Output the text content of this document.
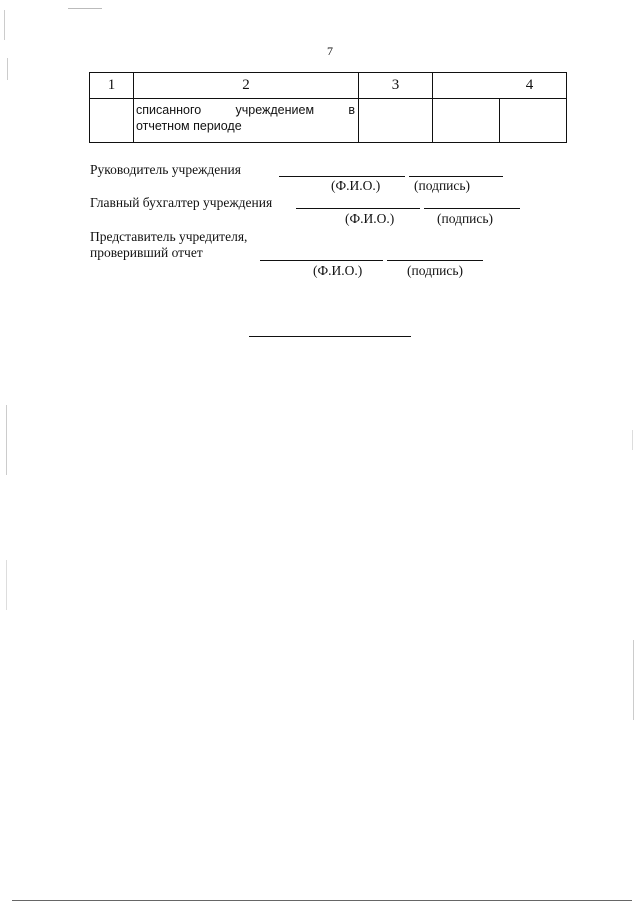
7
1	2	3	4	

	списанного учреждением в
отчетном периоде			

Руководитель учреждения
(Ф.И.О.) (подпись)
Главный бухгалтер учреждения
(Ф.И.О.)	(подпись)
Представитель учредителя,
проверивший отчет
(Ф.И.О.)	(подпись)
